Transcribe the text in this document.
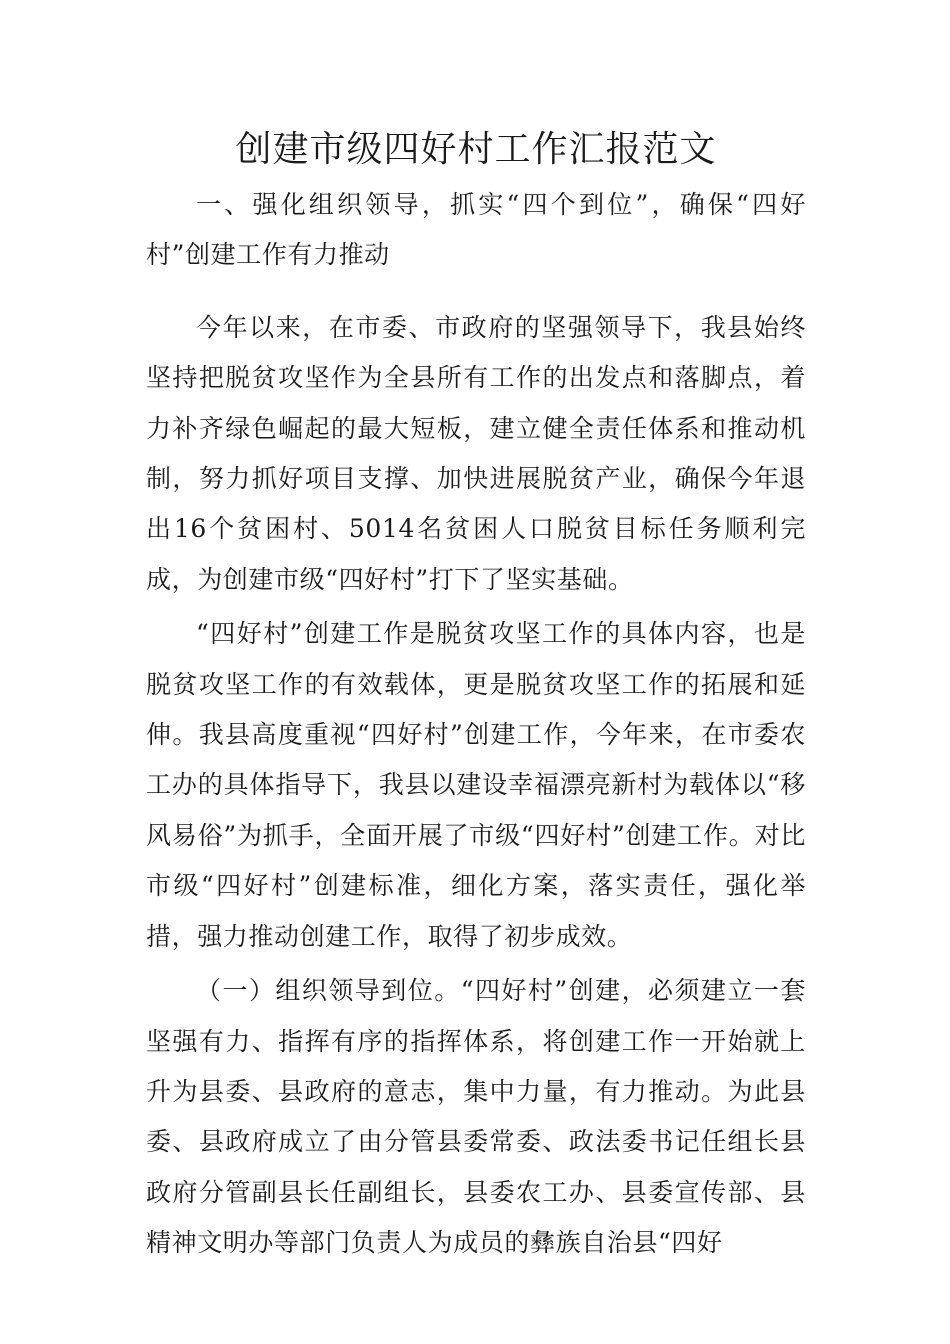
创建市级四好村工作汇报范文

一、强化组织领导，抓实“四个到位”，确保“四好村”创建工作有力推动

今年以来，在市委、市政府的坚强领导下，我县始终坚持把脱贫攻坚作为全县所有工作的出发点和落脚点，着力补齐绿色崛起的最大短板，建立健全责任体系和推动机制，努力抓好项目支撑、加快进展脱贫产业，确保今年退出16个贫困村、5014名贫困人口脱贫目标任务顺利完成，为创建市级“四好村”打下了坚实基础。

“四好村”创建工作是脱贫攻坚工作的具体内容，也是脱贫攻坚工作的有效载体，更是脱贫攻坚工作的拓展和延伸。我县高度重视“四好村”创建工作，今年来，在市委农工办的具体指导下，我县以建设幸福漂亮新村为载体以“移风易俗”为抓手，全面开展了市级“四好村”创建工作。对比市级“四好村”创建标准，细化方案，落实责任，强化举措，强力推动创建工作，取得了初步成效。

（一）组织领导到位。“四好村”创建，必须建立一套坚强有力、指挥有序的指挥体系，将创建工作一开始就上升为县委、县政府的意志，集中力量，有力推动。为此县委、县政府成立了由分管县委常委、政法委书记任组长县政府分管副县长任副组长，县委农工办、县委宣传部、县精神文明办等部门负责人为成员的彝族自治县“四好
